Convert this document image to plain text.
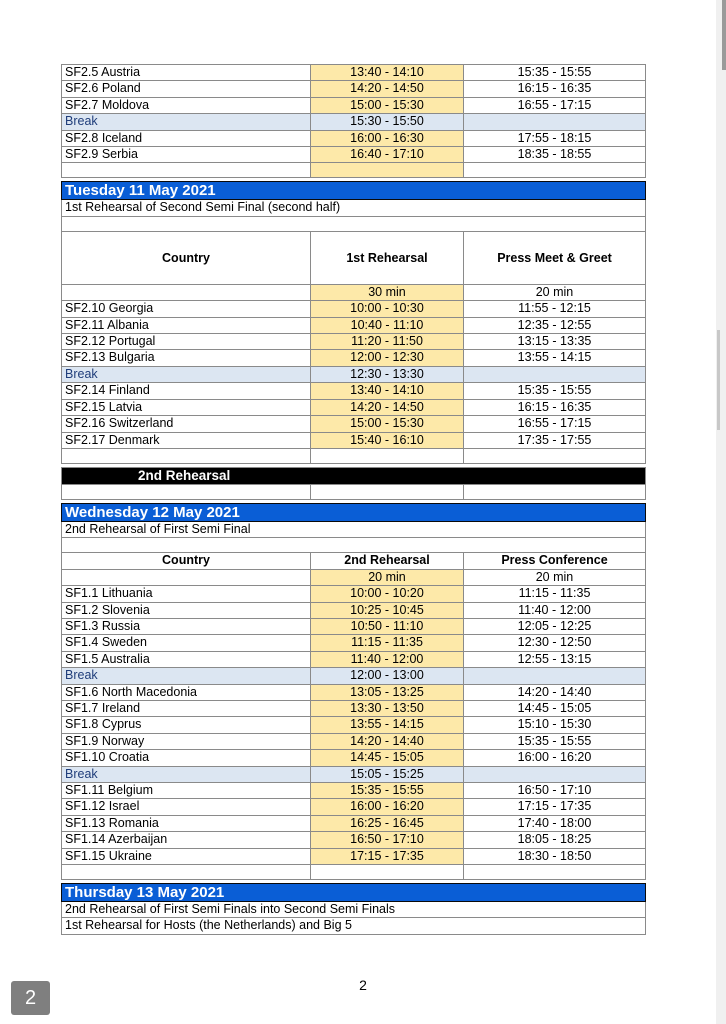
SF2.5 Austria	13:40 - 14:10	15:35 - 15:55
SF2.6 Poland	14:20 - 14:50	16:15 - 16:35
SF2.7 Moldova	15:00 - 15:30	16:55 - 17:15
Break	15:30 - 15:50	
SF2.8 Iceland	16:00 - 16:30	17:55 - 18:15
SF2.9 Serbia	16:40 - 17:10	18:35 - 18:55

Tuesday 11 May 2021		
1st Rehearsal of Second Semi Final (second half)		

Country	1st Rehearsal	Press Meet & Greet
	30 min	20 min
SF2.10 Georgia	10:00 - 10:30	11:55 - 12:15
SF2.11 Albania	10:40 - 11:10	12:35 - 12:55
SF2.12 Portugal	11:20 - 11:50	13:15 - 13:35
SF2.13 Bulgaria	12:00 - 12:30	13:55 - 14:15
Break	12:30 - 13:30	
SF2.14 Finland	13:40 - 14:10	15:35 - 15:55
SF2.15 Latvia	14:20 - 14:50	16:15 - 16:35
SF2.16 Switzerland	15:00 - 15:30	16:55 - 17:15
SF2.17 Denmark	15:40 - 16:10	17:35 - 17:55

2nd Rehearsal

Wednesday 12 May 2021		
2nd Rehearsal of First Semi Final		

Country	2nd Rehearsal	Press Conference
	20 min	20 min
SF1.1 Lithuania	10:00 - 10:20	11:15 - 11:35
SF1.2 Slovenia	10:25 - 10:45	11:40 - 12:00
SF1.3 Russia	10:50 - 11:10	12:05 - 12:25
SF1.4 Sweden	11:15 - 11:35	12:30 - 12:50
SF1.5 Australia	11:40 - 12:00	12:55 - 13:15
Break	12:00 - 13:00	
SF1.6 North Macedonia	13:05 - 13:25	14:20 - 14:40
SF1.7 Ireland	13:30 - 13:50	14:45 - 15:05
SF1.8 Cyprus	13:55 - 14:15	15:10 - 15:30
SF1.9 Norway	14:20 - 14:40	15:35 - 15:55
SF1.10 Croatia	14:45 - 15:05	16:00 - 16:20
Break	15:05 - 15:25	
SF1.11 Belgium	15:35 - 15:55	16:50 - 17:10
SF1.12 Israel	16:00 - 16:20	17:15 - 17:35
SF1.13 Romania	16:25 - 16:45	17:40 - 18:00
SF1.14 Azerbaijan	16:50 - 17:10	18:05 - 18:25
SF1.15 Ukraine	17:15 - 17:35	18:30 - 18:50

Thursday 13 May 2021
2nd Rehearsal of First Semi Finals into Second Semi Finals
1st Rehearsal for Hosts (the Netherlands) and Big 5
2
2
